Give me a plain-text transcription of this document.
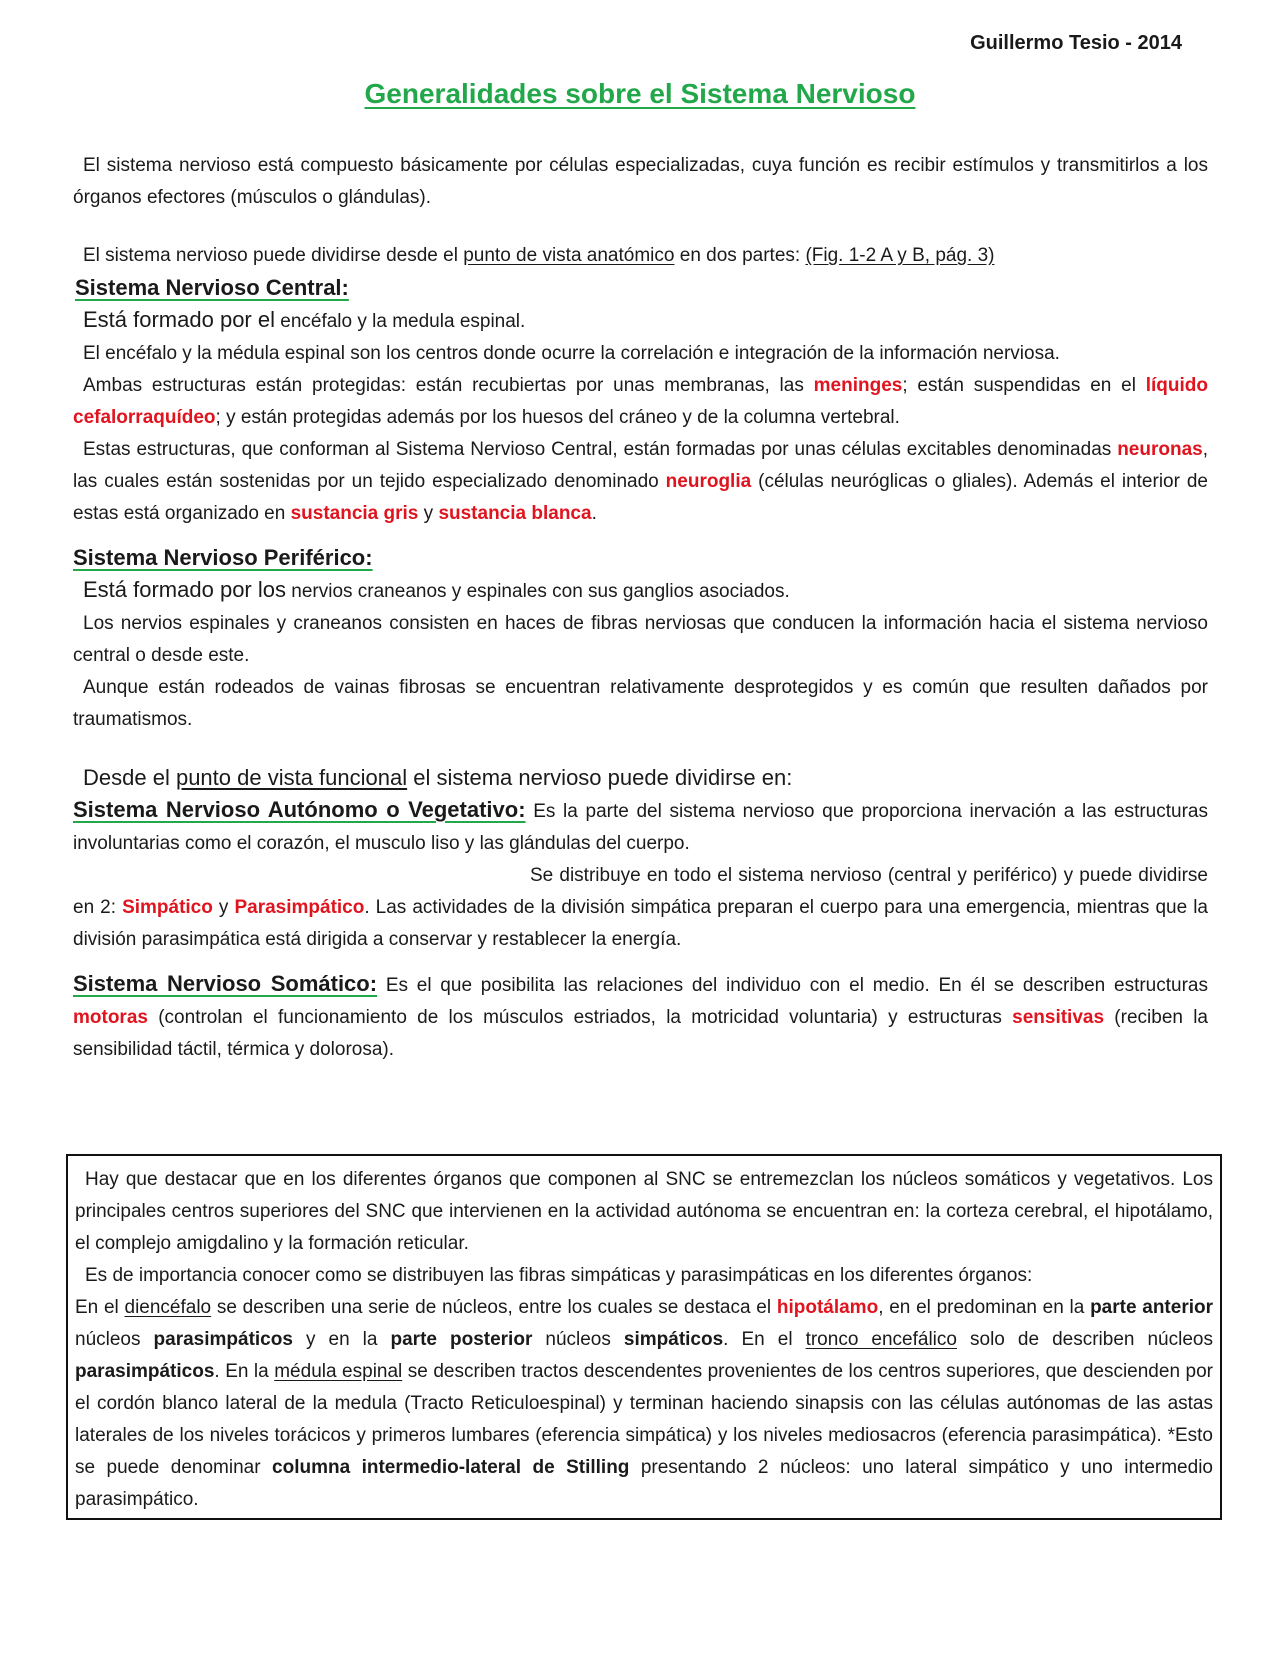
Guillermo Tesio - 2014
Generalidades sobre el Sistema Nervioso

El sistema nervioso está compuesto básicamente por células especializadas, cuya función es recibir estímulos y transmitirlos a los órganos efectores (músculos o glándulas).

El sistema nervioso puede dividirse desde el punto de vista anatómico en dos partes: (Fig. 1-2 A y B, pág. 3)

Sistema Nervioso Central:

Está formado por el encéfalo y la medula espinal.

El encéfalo y la médula espinal son los centros donde ocurre la correlación e integración de la información nerviosa.

Ambas estructuras están protegidas: están recubiertas por unas membranas, las meninges; están suspendidas en el líquido cefalorraquídeo; y están protegidas además por los huesos del cráneo y de la columna vertebral.

Estas estructuras, que conforman al Sistema Nervioso Central, están formadas por unas células excitables denominadas neuronas, las cuales están sostenidas por un tejido especializado denominado neuroglia (células neuróglicas o gliales). Además el interior de estas está organizado en sustancia gris y sustancia blanca.

Sistema Nervioso Periférico:

Está formado por los nervios craneanos y espinales con sus ganglios asociados.

Los nervios espinales y craneanos consisten en haces de fibras nerviosas que conducen la información hacia el sistema nervioso central o desde este.

Aunque están rodeados de vainas fibrosas se encuentran relativamente desprotegidos y es común que resulten dañados por traumatismos.

Desde el punto de vista funcional el sistema nervioso puede dividirse en:

Sistema Nervioso Autónomo o Vegetativo: Es la parte del sistema nervioso que proporciona inervación a las estructuras involuntarias como el corazón, el musculo liso y las glándulas del cuerpo.

Se distribuye en todo el sistema nervioso (central y periférico) y puede dividirse en 2: Simpático y Parasimpático. Las actividades de la división simpática preparan el cuerpo para una emergencia, mientras que la división parasimpática está dirigida a conservar y restablecer la energía.

Sistema Nervioso Somático: Es el que posibilita las relaciones del individuo con el medio. En él se describen estructuras motoras (controlan el funcionamiento de los músculos estriados, la motricidad voluntaria) y estructuras sensitivas (reciben la sensibilidad táctil, térmica y dolorosa).

Hay que destacar que en los diferentes órganos que componen al SNC se entremezclan los núcleos somáticos y vegetativos. Los principales centros superiores del SNC que intervienen en la actividad autónoma se encuentran en: la corteza cerebral, el hipotálamo, el complejo amigdalino y la formación reticular.

Es de importancia conocer como se distribuyen las fibras simpáticas y parasimpáticas en los diferentes órganos:

En el diencéfalo se describen una serie de núcleos, entre los cuales se destaca el hipotálamo, en el predominan en la parte anterior núcleos parasimpáticos y en la parte posterior núcleos simpáticos. En el tronco encefálico solo de describen núcleos parasimpáticos. En la médula espinal se describen tractos descendentes provenientes de los centros superiores, que descienden por el cordón blanco lateral de la medula (Tracto Reticuloespinal) y terminan haciendo sinapsis con las células autónomas de las astas laterales de los niveles torácicos y primeros lumbares (eferencia simpática) y los niveles mediosacros (eferencia parasimpática). *Esto se puede denominar columna intermedio-lateral de Stilling presentando 2 núcleos: uno lateral simpático y uno intermedio parasimpático.
